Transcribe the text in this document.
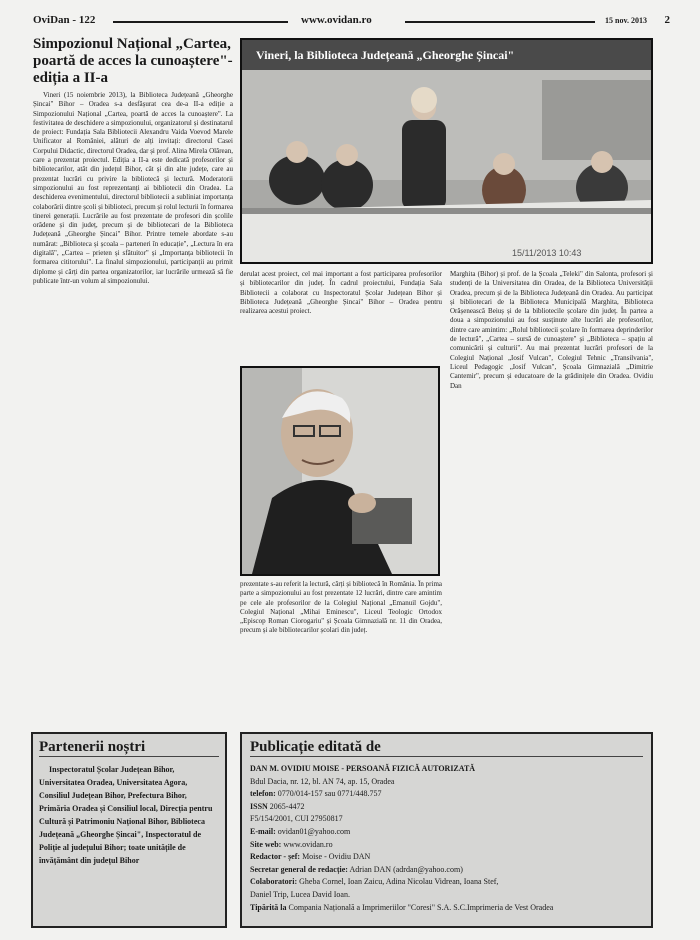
OviDan - 122	www.ovidan.ro	15 nov. 2013 2
Simpozionul Național „Cartea, poartă de acces la cunoaștere"- ediția a II-a
Vineri (15 noiembrie 2013), la Biblioteca Județeană „Gheorghe Șincai" Bihor – Oradea s-a desfășurat cea de-a II-a ediție a Simpozionului Național „Cartea, poartă de acces la cunoaștere". La festivitatea de deschidere a simpozionului, organizatorul și destinatarul de proiect: Fundația Sala Bibliotecii Alexandru Vaida Voevod Marele Unificator al României, alături de alți invitați: directorul Casei Corpului Didactic, directorul Oradea, dar și prof. Alina Mirela Olărean, care a prezentat proiectul. Ediția a II-a este dedicată profesorilor și bibliotecarilor, atât din județul Bihor, cât și din alte județe, care au prezentat lucrări cu privire la bibliotecă și lectură. Moderatorii simpozionului au fost reprezentanți ai bibliotecii din Oradea. La deschiderea evenimentului, directorul bibliotecii a subliniat importanța colaborării dintre școli și biblioteci, precum și rolul lecturii în formarea tinerei generații. Lucrările au fost prezentate de profesori din școlile orădene și din județ, precum și de bibliotecari de la Biblioteca Județeană „Gheorghe Șincai" Bihor. Printre temele abordate s-au numărat: „Biblioteca și școala – parteneri în educație", „Lectura în era digitală", „Cartea – prieten și sfătuitor" și „Importanța bibliotecii în formarea cititorului". La finalul simpozionului, participanții au primit diplome și cărți din partea organizatorilor, iar lucrările urmează să fie publicate într-un volum al simpozionului.
15/11/2013 10:43
Vineri, la Biblioteca Județeană „Gheorghe Șincai"
derulat acest proiect, cel mai important a fost participarea profesorilor și bibliotecarilor din județ. În cadrul proiectului, Fundația Sala Bibliotecii a colaborat cu Inspectoratul Școlar Județean Bihor și Biblioteca Județeană „Gheorghe Șincai" Bihor – Oradea pentru realizarea acestui proiect.
prezentate s-au referit la lectură, cărți și bibliotecă în România. În prima parte a simpozionului au fost prezentate 12 lucrări, dintre care amintim pe cele ale profesorilor de la Colegiul Național „Emanuil Gojdu", Colegiul Național „Mihai Eminescu", Liceul Teologic Ortodox „Episcop Roman Ciorogariu" și Școala Gimnazială nr. 11 din Oradea, precum și ale bibliotecarilor școlari din județ.
Marghita (Bihor) și prof. de la Școala „Teleki" din Salonta, profesori și studenți de la Universitatea din Oradea, de la Biblioteca Universității Oradea, precum și de la Biblioteca Județeană din Oradea. Au participat și bibliotecari de la Biblioteca Municipală Marghita, Biblioteca Orășenească Beiuș și de la bibliotecile școlare din județ. În partea a doua a simpozionului au fost susținute alte lucrări ale profesorilor, dintre care amintim: „Rolul bibliotecii școlare în formarea deprinderilor de lectură", „Cartea – sursă de cunoaștere" și „Biblioteca – spațiu al comunicării și culturii". Au mai prezentat lucrări profesori de la Colegiul Național „Iosif Vulcan", Colegiul Tehnic „Transilvania", Liceul Pedagogic „Iosif Vulcan", Școala Gimnazială „Dimitrie Cantemir", precum și educatoare de la grădinițele din Oradea. Ovidiu Dan
Partenerii noștri
Inspectoratul Școlar Județean Bihor, Universitatea Oradea, Universitatea Agora, Consiliul Județean Bihor, Prefectura Bihor, Primăria Oradea și Consiliul local, Direcția pentru Cultură și Patrimoniu Național Bihor, Biblioteca Județeană „Gheorghe Șincai", Inspectoratul de Poliție al județului Bihor; toate unitățile de învățământ din județul Bihor
Publicație editată de
DAN M. OVIDIU MOISE - PERSOANĂ FIZICĂ AUTORIZATĂ
Bdul Dacia, nr. 12, bl. AN 74, ap. 15, Oradea
telefon: 0770/014-157 sau 0771/448.757
ISSN 2065-4472
F5/154/2001, CUI 27950817
E-mail: ovidan01@yahoo.com
Site web: www.ovidan.ro
Redactor - șef: Moise - Ovidiu DAN
Secretar general de redacție: Adrian DAN (adrdan@yahoo.com)
Colaboratori: Gheba Cornel, Ioan Zaicu, Adina Nicolau Vidrean, Ioana Stef,
Daniel Trip, Lucea David Ioan.
Tipărită la Compania Națională a Imprimeriilor "Coresi" S.A. S.C.Imprimeria de Vest Oradea
